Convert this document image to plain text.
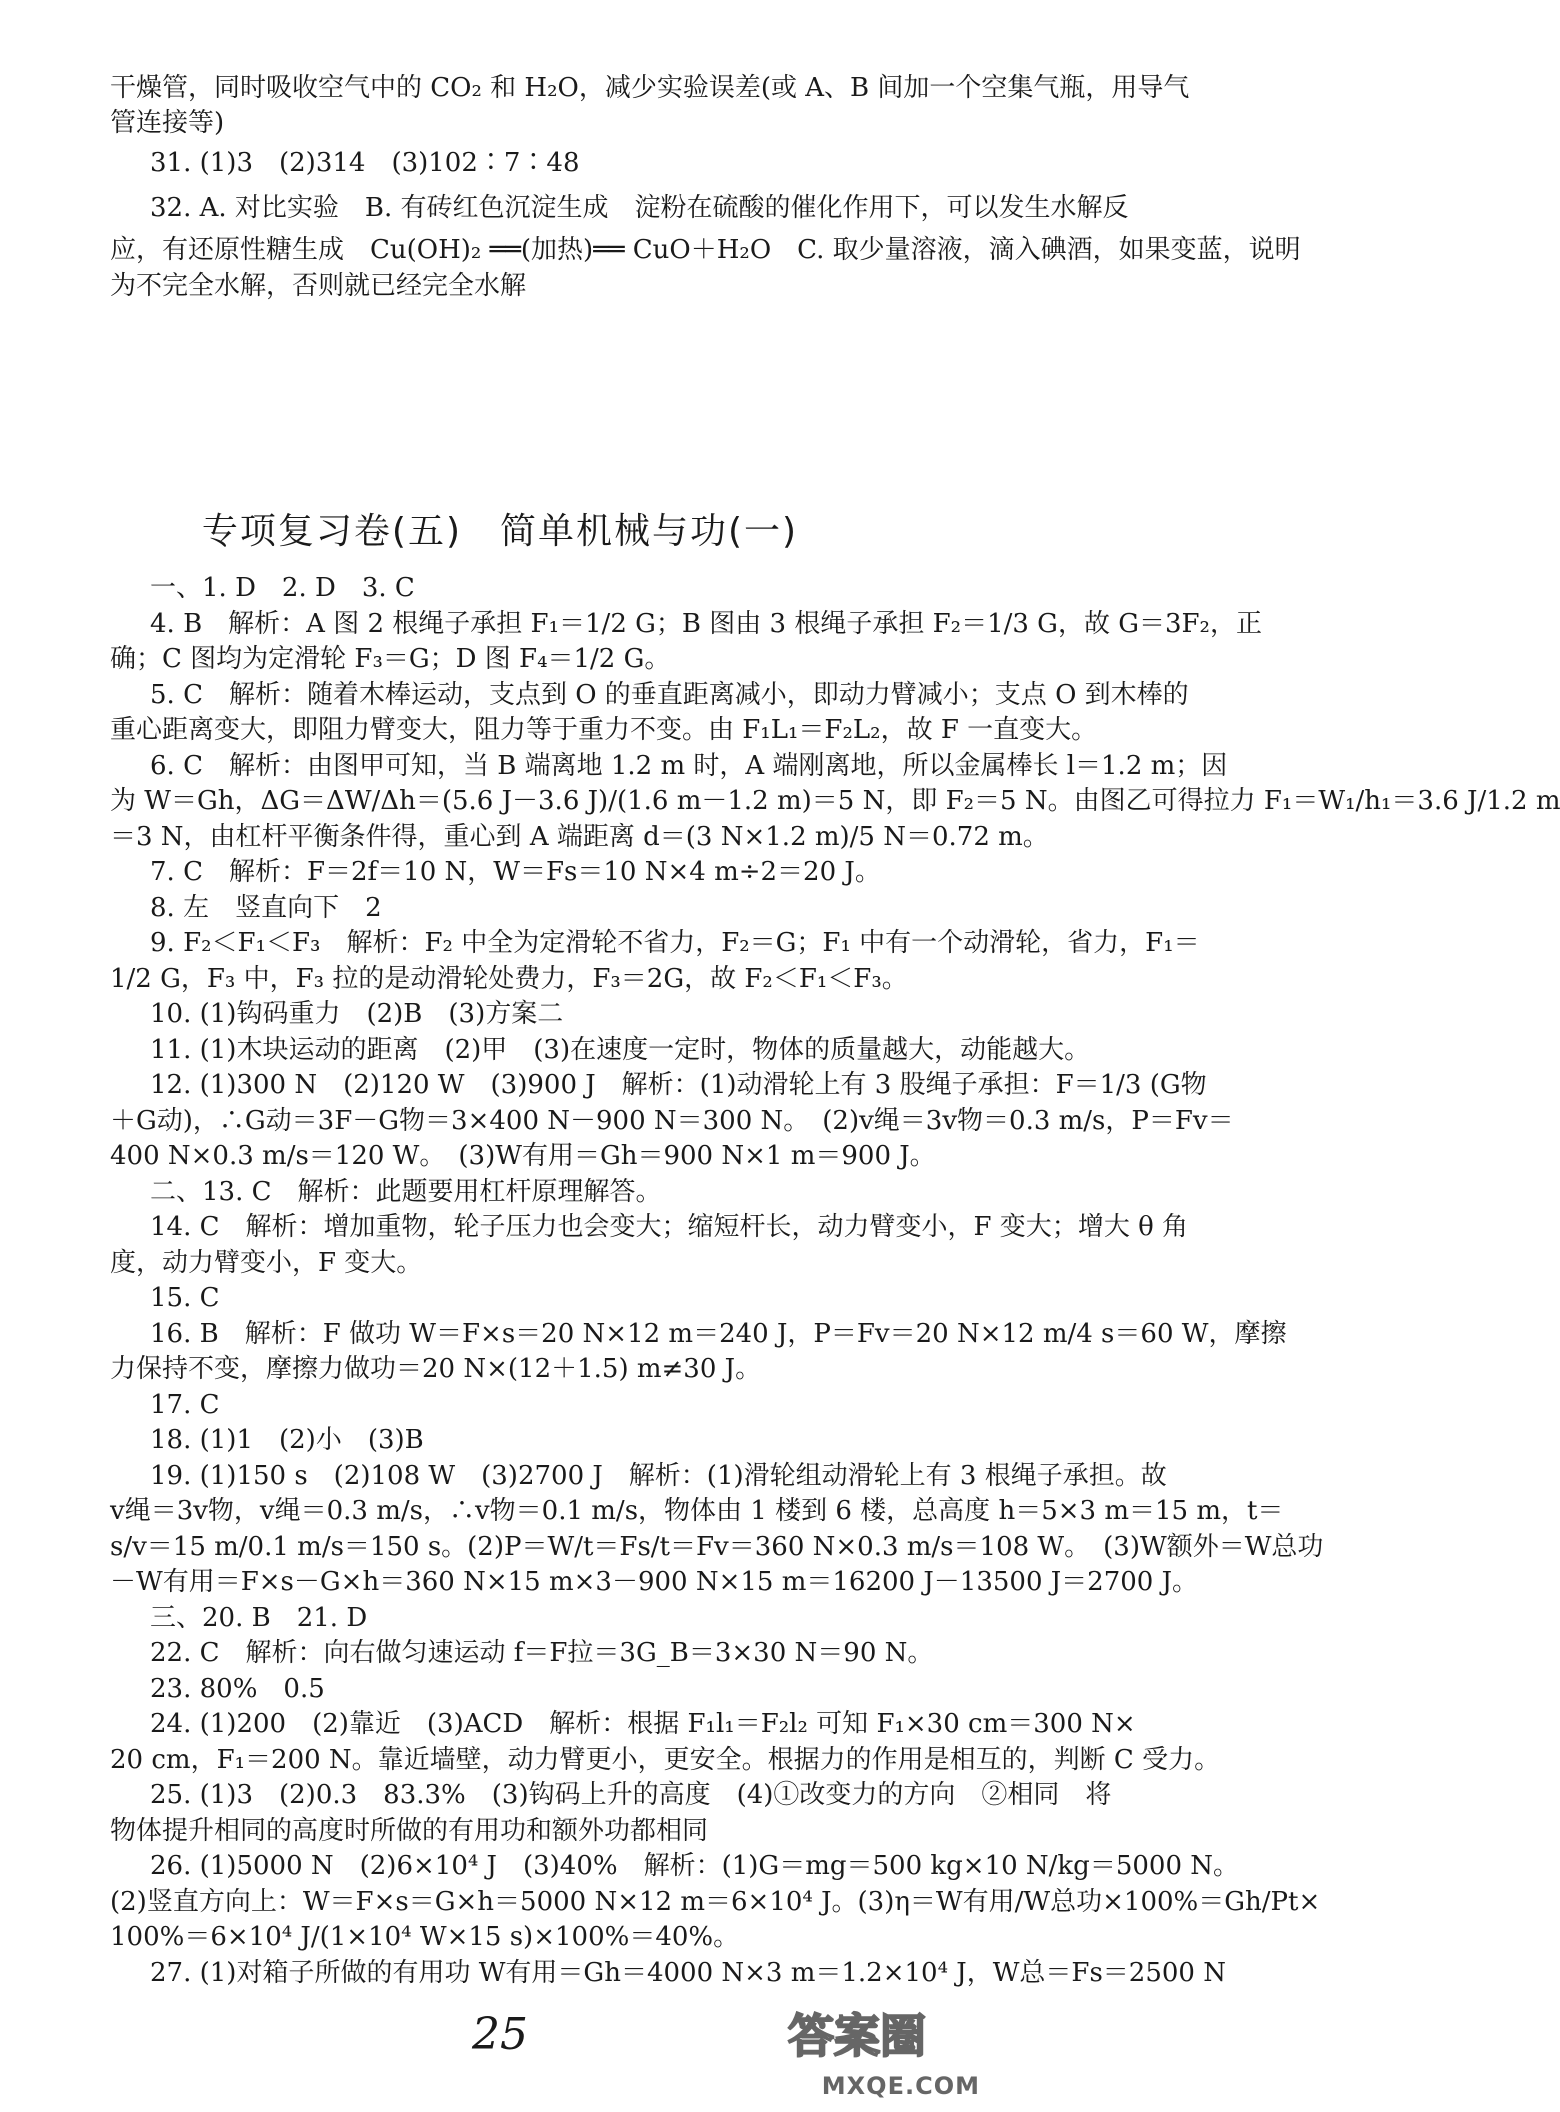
干燥管，同时吸收空气中的 CO₂ 和 H₂O，减少实验误差(或 A、B 间加一个空集气瓶，用导气
管连接等)
31. (1)3　(2)314　(3)102∶7∶48
32. A. 对比实验　B. 有砖红色沉淀生成　淀粉在硫酸的催化作用下，可以发生水解反
应，有还原性糖生成　Cu(OH)₂ ══(加热)══ CuO＋H₂O　C. 取少量溶液，滴入碘酒，如果变蓝，说明
为不完全水解，否则就已经完全水解
一、1. D　2. D　3. C
4. B　解析：A 图 2 根绳子承担 F₁＝1/2 G；B 图由 3 根绳子承担 F₂＝1/3 G，故 G＝3F₂，正
确；C 图均为定滑轮 F₃＝G；D 图 F₄＝1/2 G。
5. C　解析：随着木棒运动，支点到 O 的垂直距离减小，即动力臂减小；支点 O 到木棒的
重心距离变大，即阻力臂变大，阻力等于重力不变。由 F₁L₁＝F₂L₂，故 F 一直变大。
6. C　解析：由图甲可知，当 B 端离地 1.2 m 时，A 端刚离地，所以金属棒长 l＝1.2 m；因
为 W＝Gh，ΔG＝ΔW/Δh＝(5.6 J－3.6 J)/(1.6 m－1.2 m)＝5 N，即 F₂＝5 N。由图乙可得拉力 F₁＝W₁/h₁＝3.6 J/1.2 m
＝3 N，由杠杆平衡条件得，重心到 A 端距离 d＝(3 N×1.2 m)/5 N＝0.72 m。
7. C　解析：F＝2f＝10 N，W＝Fs＝10 N×4 m÷2＝20 J。
8. 左　竖直向下　2
9. F₂＜F₁＜F₃　解析：F₂ 中全为定滑轮不省力，F₂＝G；F₁ 中有一个动滑轮，省力，F₁＝
1/2 G，F₃ 中，F₃ 拉的是动滑轮处费力，F₃＝2G，故 F₂＜F₁＜F₃。
10. (1)钩码重力　(2)B　(3)方案二
11. (1)木块运动的距离　(2)甲　(3)在速度一定时，物体的质量越大，动能越大。
12. (1)300 N　(2)120 W　(3)900 J　解析：(1)动滑轮上有 3 股绳子承担：F＝1/3 (G物
＋G动)，∴G动＝3F－G物＝3×400 N－900 N＝300 N。　(2)v绳＝3v物＝0.3 m/s，P＝Fv＝
400 N×0.3 m/s＝120 W。　(3)W有用＝Gh＝900 N×1 m＝900 J。
二、13. C　解析：此题要用杠杆原理解答。
14. C　解析：增加重物，轮子压力也会变大；缩短杆长，动力臂变小，F 变大；增大 θ 角
度，动力臂变小，F 变大。
15. C
16. B　解析：F 做功 W＝F×s＝20 N×12 m＝240 J，P＝Fv＝20 N×12 m/4 s＝60 W，摩擦
力保持不变，摩擦力做功＝20 N×(12＋1.5) m≠30 J。
17. C
18. (1)1　(2)小　(3)B
19. (1)150 s　(2)108 W　(3)2700 J　解析：(1)滑轮组动滑轮上有 3 根绳子承担。故
v绳＝3v物，v绳＝0.3 m/s，∴v物＝0.1 m/s，物体由 1 楼到 6 楼，总高度 h＝5×3 m＝15 m，t＝
s/v＝15 m/0.1 m/s＝150 s。(2)P＝W/t＝Fs/t＝Fv＝360 N×0.3 m/s＝108 W。　(3)W额外＝W总功
－W有用＝F×s－G×h＝360 N×15 m×3－900 N×15 m＝16200 J－13500 J＝2700 J。
三、20. B　21. D
22. C　解析：向右做匀速运动 f＝F拉＝3G_B＝3×30 N＝90 N。
23. 80%　0.5
24. (1)200　(2)靠近　(3)ACD　解析：根据 F₁l₁＝F₂l₂ 可知 F₁×30 cm＝300 N×
20 cm，F₁＝200 N。靠近墙壁，动力臂更小，更安全。根据力的作用是相互的，判断 C 受力。
25. (1)3　(2)0.3　83.3%　(3)钩码上升的高度　(4)①改变力的方向　②相同　将
物体提升相同的高度时所做的有用功和额外功都相同
26. (1)5000 N　(2)6×10⁴ J　(3)40%　解析：(1)G＝mg＝500 kg×10 N/kg＝5000 N。
(2)竖直方向上：W＝F×s＝G×h＝5000 N×12 m＝6×10⁴ J。(3)η＝W有用/W总功×100%＝Gh/Pt×
100%＝6×10⁴ J/(1×10⁴ W×15 s)×100%＝40%。
27. (1)对箱子所做的有用功 W有用＝Gh＝4000 N×3 m＝1.2×10⁴ J，W总＝Fs＝2500 N
专项复习卷(五)　简单机械与功(一)
25	答案圈
MXQE.COM
